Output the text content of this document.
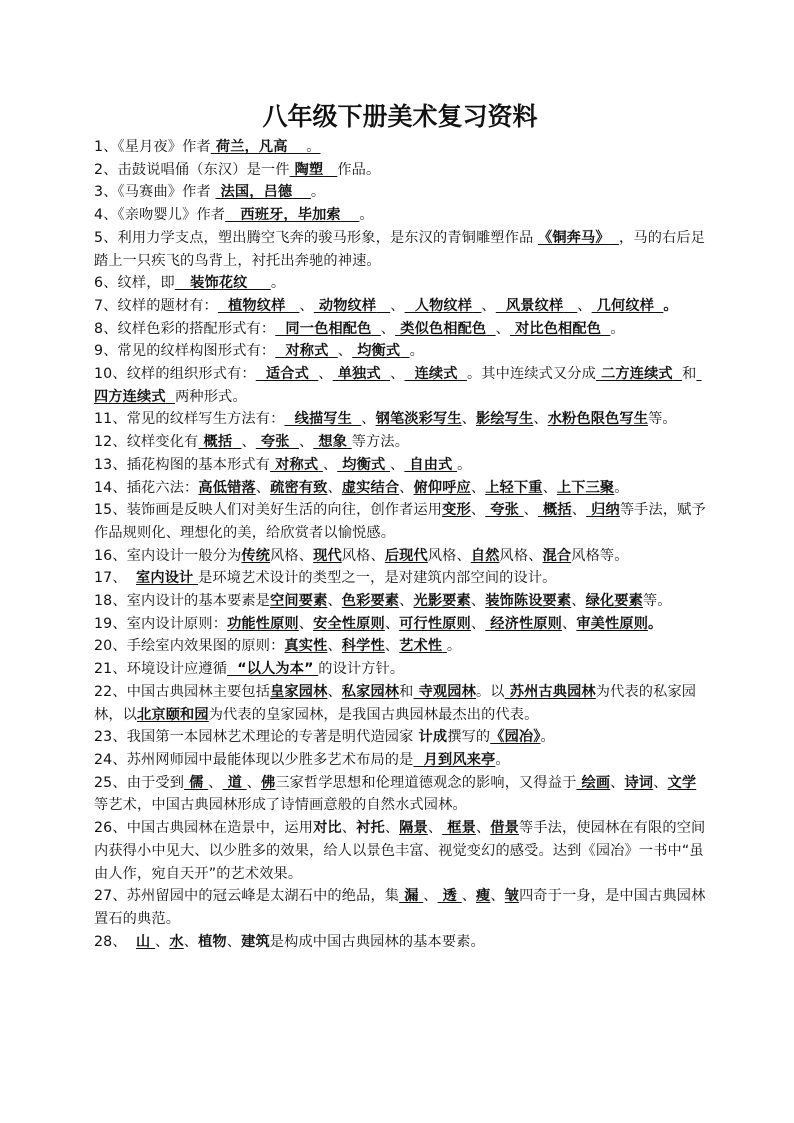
八年级下册美术复习资料
1、《星月夜》作者 荷兰，凡高    。
2、击鼓说唱俑（东汉）是一件 陶塑 作品。
3、《马赛曲》作者  法国，吕德 。
4、《亲吻婴儿》作者   西班牙，毕加索 。
5、利用力学支点，塑出腾空飞奔的骏马形象，是东汉的青铜雕塑作品 《铜奔马》 ，马的右后足踏上一只疾飞的鸟背上，衬托出奔驰的神速。
6、纹样，即   装饰花纹 。
7、纹样的题材有：  植物纹样 、 动物纹样 、  人物纹样 、  风景纹样 、 几何纹样 。
8、纹样色彩的搭配形式有：  同一色相配色 、 类似色相配色 、 对比色相配色 。
9、常见的纹样构图形式有：  对称式 、 均衡式 。
10、纹样的组织形式有：  适合式 、 单独式 、  连续式 。其中连续式又分成 二方连续式 和 四方连续式 两种形式。
11、常见的纹样写生方法有：  线描写生 、钢笔淡彩写生、影绘写生、水粉色限色写生等。
12、纹样变化有 概括 、 夸张 、 想象 等方法。
13、插花构图的基本形式有 对称式 、 均衡式 、 自由式 。
14、插花六法：高低错落、疏密有致、虚实结合、俯仰呼应、上轻下重、上下三聚。
15、装饰画是反映人们对美好生活的向往，创作者运用变形、 夸张 、 概括、 归纳等手法，赋予作品规则化、理想化的美，给欣赏者以愉悦感。
16、室内设计一般分为传统风格、现代风格、后现代风格、自然风格、混合风格等。
17、 室内设计 是环境艺术设计的类型之一，是对建筑内部空间的设计。
18、室内设计的基本要素是空间要素、色彩要素、光影要素、装饰陈设要素、绿化要素等。
19、室内设计原则：功能性原则、安全性原则、可行性原则、 经济性原则、审美性原则。
20、手绘室内效果图的原则：真实性、科学性、艺术性 。
21、环境设计应遵循  “以人为本” 的设计方针。
22、中国古典园林主要包括皇家园林、私家园林和 寺观园林。以 苏州古典园林为代表的私家园林，以北京颐和园为代表的皇家园林，是我国古典园林最杰出的代表。
23、我国第一本园林艺术理论的专著是明代造园家 计成撰写的《园冶》。
24、苏州网师园中最能体现以少胜多艺术布局的是  月到风来亭。
25、由于受到 儒 、 道 、佛三家哲学思想和伦理道德观念的影响，又得益于 绘画、诗词、文学等艺术，中国古典园林形成了诗情画意般的自然水式园林。
26、中国古典园林在造景中，运用对比、衬托、隔景、 框景、借景等手法，使园林在有限的空间内获得小中见大、以少胜多的效果，给人以景色丰富、视觉变幻的感受。达到《园冶》一书中“虽由人作，宛自天开”的艺术效果。
27、苏州留园中的冠云峰是太湖石中的绝品，集 漏 、 透 、瘦、皱四奇于一身，是中国古典园林置石的典范。
28、 山 、水、植物、建筑是构成中国古典园林的基本要素。
